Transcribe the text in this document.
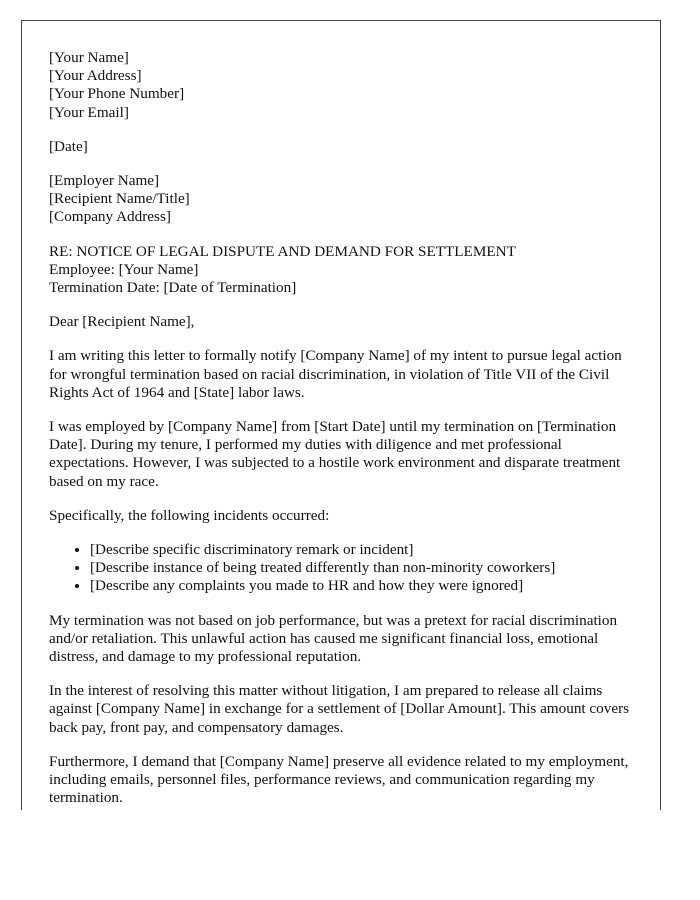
[Your Name]
[Your Address]
[Your Phone Number]
[Your Email]
[Date]
[Employer Name]
[Recipient Name/Title]
[Company Address]
RE: NOTICE OF LEGAL DISPUTE AND DEMAND FOR SETTLEMENT
Employee: [Your Name]
Termination Date: [Date of Termination]

Dear [Recipient Name],

I am writing this letter to formally notify [Company Name] of my intent to pursue legal action for wrongful termination based on racial discrimination, in violation of Title VII of the Civil Rights Act of 1964 and [State] labor laws.

I was employed by [Company Name] from [Start Date] until my termination on [Termination Date]. During my tenure, I performed my duties with diligence and met professional expectations. However, I was subjected to a hostile work environment and disparate treatment based on my race.

Specifically, the following incidents occurred:

• [Describe specific discriminatory remark or incident]
• [Describe instance of being treated differently than non-minority coworkers]
• [Describe any complaints you made to HR and how they were ignored]

My termination was not based on job performance, but was a pretext for racial discrimination and/or retaliation. This unlawful action has caused me significant financial loss, emotional distress, and damage to my professional reputation.

In the interest of resolving this matter without litigation, I am prepared to release all claims against [Company Name] in exchange for a settlement of [Dollar Amount]. This amount covers back pay, front pay, and compensatory damages.

Furthermore, I demand that [Company Name] preserve all evidence related to my employment, including emails, personnel files, performance reviews, and communication regarding my termination.
